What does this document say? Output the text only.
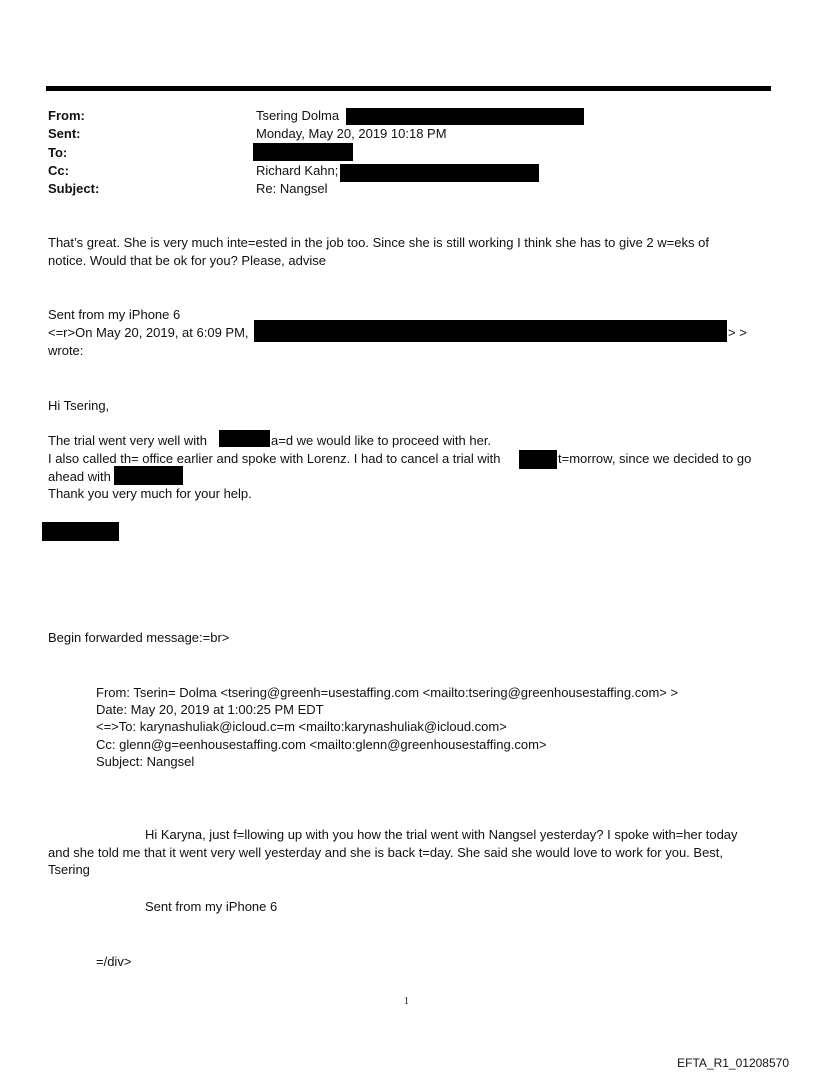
From:	Tsering Dolma
Sent:	Monday, May 20, 2019 10:18 PM
To:
Cc:	Richard Kahn;
Subject:	Re: Nangsel
That’s great. She is very much inte=ested in the job too. Since she is still working I think she has to give 2 w=eks of
notice. Would that be ok for you? Please, advise
Sent from my iPhone 6
<=r>On May 20, 2019, at 6:09 PM,	> >
wrote:
Hi Tsering,
The trial went very well with	a=d we would like to proceed with her.
I also called th= office earlier and spoke with Lorenz. I had to cancel a trial with	t=morrow, since we decided to go
ahead with
Thank you very much for your help.
Begin forwarded message:=br>
From: Tserin= Dolma <tsering@greenh=usestaffing.com <mailto:tsering@greenhousestaffing.com> >
Date: May 20, 2019 at 1:00:25 PM EDT
<=>To: karynashuliak@icloud.c=m <mailto:karynashuliak@icloud.com>
Cc: glenn@g=eenhousestaffing.com <mailto:glenn@greenhousestaffing.com>
Subject: Nangsel
Hi Karyna, just f=llowing up with you how the trial went with Nangsel yesterday? I spoke with=her today
and she told me that it went very well yesterday and she is back t=day. She said she would love to work for you. Best,
Tsering
Sent from my iPhone 6
=/div>
1
EFTA_R1_01208570
